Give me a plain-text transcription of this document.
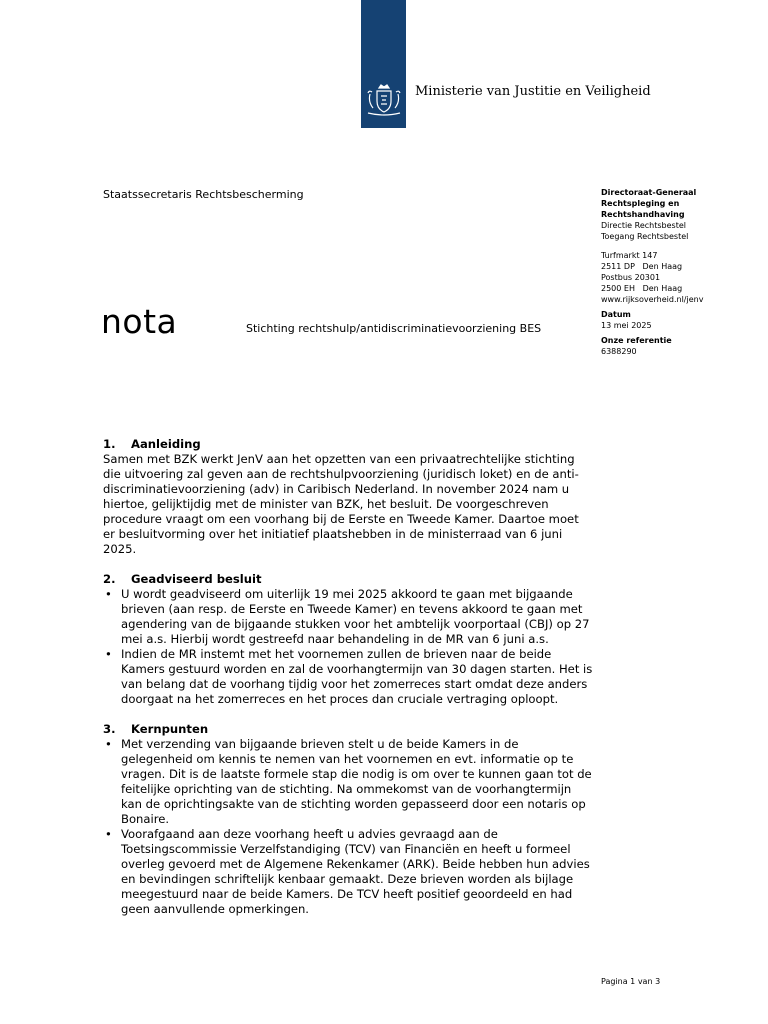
Ministerie van Justitie en Veiligheid
Staatssecretaris Rechtsbescherming
nota	Stichting rechtshulp/antidiscriminatievoorziening BES
Directoraat-Generaal
Rechtspleging en
Rechtshandhaving
Directie Rechtsbestel
Toegang Rechtsbestel
Turfmarkt 147
2511 DP   Den Haag
Postbus 20301
2500 EH   Den Haag
www.rijksoverheid.nl/jenv
Datum
13 mei 2025
Onze referentie
6388290
1. Aanleiding

Samen met BZK werkt JenV aan het opzetten van een privaatrechtelijke stichting die uitvoering zal geven aan de rechtshulpvoorziening (juridisch loket) en de anti-discriminatievoorziening (adv) in Caribisch Nederland. In november 2024 nam u hiertoe, gelijktijdig met de minister van BZK, het besluit. De voorgeschreven procedure vraagt om een voorhang bij de Eerste en Tweede Kamer. Daartoe moet er besluitvorming over het initiatief plaatshebben in de ministerraad van 6 juni 2025.

2. Geadviseerd besluit
• U wordt geadviseerd om uiterlijk 19 mei 2025 akkoord te gaan met bijgaande brieven (aan resp. de Eerste en Tweede Kamer) en tevens akkoord te gaan met agendering van de bijgaande stukken voor het ambtelijk voorportaal (CBJ) op 27 mei a.s. Hierbij wordt gestreefd naar behandeling in de MR van 6 juni a.s.
• Indien de MR instemt met het voornemen zullen de brieven naar de beide Kamers gestuurd worden en zal de voorhangtermijn van 30 dagen starten. Het is van belang dat de voorhang tijdig voor het zomerreces start omdat deze anders doorgaat na het zomerreces en het proces dan cruciale vertraging oploopt.
3. Kernpunten
• Met verzending van bijgaande brieven stelt u de beide Kamers in de gelegenheid om kennis te nemen van het voornemen en evt. informatie op te vragen. Dit is de laatste formele stap die nodig is om over te kunnen gaan tot de feitelijke oprichting van de stichting. Na ommekomst van de voorhangtermijn kan de oprichtingsakte van de stichting worden gepasseerd door een notaris op Bonaire.
• Voorafgaand aan deze voorhang heeft u advies gevraagd aan de Toetsingscommissie Verzelfstandiging (TCV) van Financiën en heeft u formeel overleg gevoerd met de Algemene Rekenkamer (ARK). Beide hebben hun advies en bevindingen schriftelijk kenbaar gemaakt. Deze brieven worden als bijlage meegestuurd naar de beide Kamers. De TCV heeft positief geoordeeld en had geen aanvullende opmerkingen.
Pagina 1 van 3
